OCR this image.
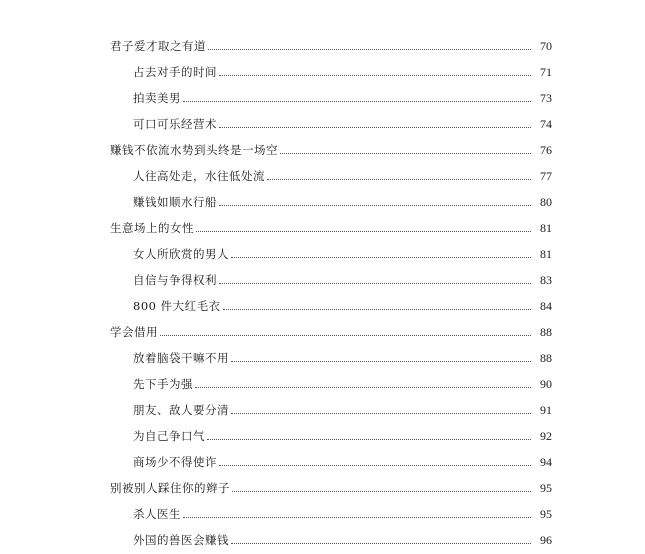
君子爱才取之有道	70
占去对手的时间	71
拍卖美男	73
可口可乐经营术	74
赚钱不依流水势到头终是一场空	76
人往高处走，水往低处流	77
赚钱如顺水行船	80
生意场上的女性	81
女人所欣赏的男人	81
自信与争得权利	83
800 件大红毛衣	84
学会借用	88
放着脑袋干嘛不用	88
先下手为强	90
朋友、敌人要分清	91
为自己争口气	92
商场少不得使诈	94
别被别人踩住你的辫子	95
杀人医生	95
外国的兽医会赚钱	96
